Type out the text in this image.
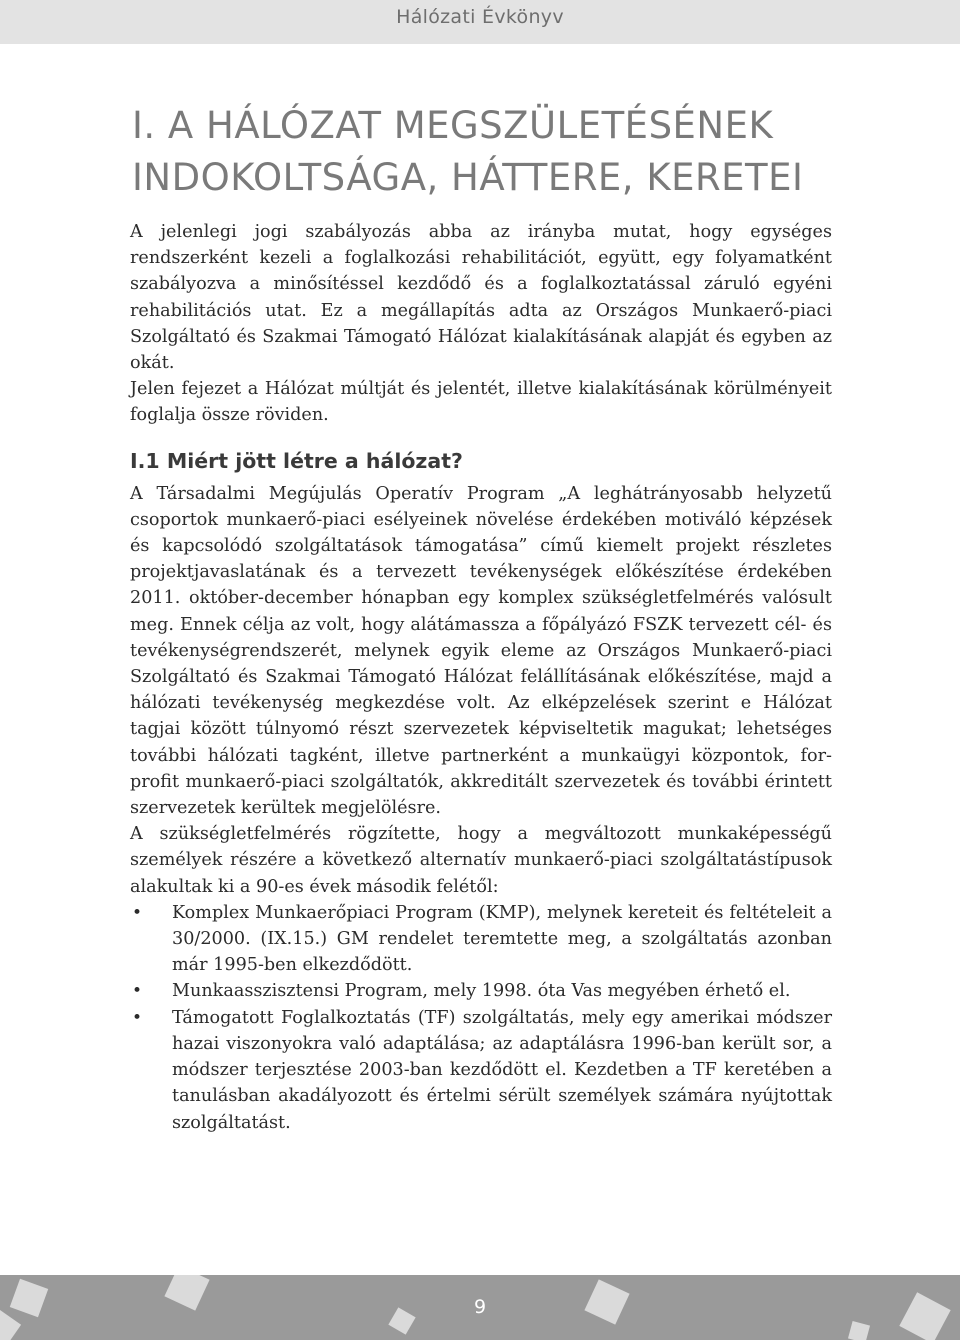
Hálózati Évkönyv
I. A HÁLÓZAT MEGSZÜLETÉSÉNEK
INDOKOLTSÁGA, HÁTTERE, KERETEI

A jelenlegi jogi szabályozás abba az irányba mutat, hogy egységes rendszerként kezeli a foglalkozási rehabilitációt, együtt, egy folyamatként szabályozva a minősítéssel kezdődő és a foglalkoztatással záruló egyéni rehabilitációs utat. Ez a megállapítás adta az Országos Munkaerő-piaci Szolgáltató és Szakmai Támogató Hálózat kialakításának alapját és egyben az okát.

Jelen fejezet a Hálózat múltját és jelentét, illetve kialakításának körülményeit foglalja össze röviden.

I.1 Miért jött létre a hálózat?

A Társadalmi Megújulás Operatív Program „A leghátrányosabb helyzetű csoportok munkaerő-piaci esélyeinek növelése érdekében motiváló képzések és kapcsolódó szolgáltatások támogatása” című kiemelt projekt részletes projektjavaslatának és a tervezett tevékenységek előkészítése érdekében 2011. október-december hónapban egy komplex szükségletfelmérés valósult meg. Ennek célja az volt, hogy alátámassza a főpályázó FSZK tervezett cél- és tevékenységrendszerét, melynek egyik eleme az Országos Munkaerő-piaci Szolgáltató és Szakmai Támogató Hálózat felállításának előkészítése, majd a hálózati tevékenység megkezdése volt. Az elképzelések szerint e Hálózat tagjai között túlnyomó részt szervezetek képviseltetik magukat; lehetséges további hálózati tagként, illetve partnerként a munkaügyi központok, for-profit munkaerő-piaci szolgáltatók, akkreditált szervezetek és további érintett szervezetek kerültek megjelölésre.

A szükségletfelmérés rögzítette, hogy a megváltozott munkaképességű személyek részére a következő alternatív munkaerő-piaci szolgáltatástípusok alakultak ki a 90-es évek második felétől:

• Komplex Munkaerőpiaci Program (KMP), melynek kereteit és feltételeit a 30/2000. (IX.15.) GM rendelet teremtette meg, a szolgáltatás azonban már 1995-ben elkezdődött.
• Munkaasszisztensi Program, mely 1998. óta Vas megyében érhető el.
• Támogatott Foglalkoztatás (TF) szolgáltatás, mely egy amerikai módszer hazai viszonyokra való adaptálása; az adaptálásra 1996-ban került sor, a módszer terjesztése 2003-ban kezdődött el. Kezdetben a TF keretében a tanulásban akadályozott és értelmi sérült személyek számára nyújtottak szolgáltatást.
9
